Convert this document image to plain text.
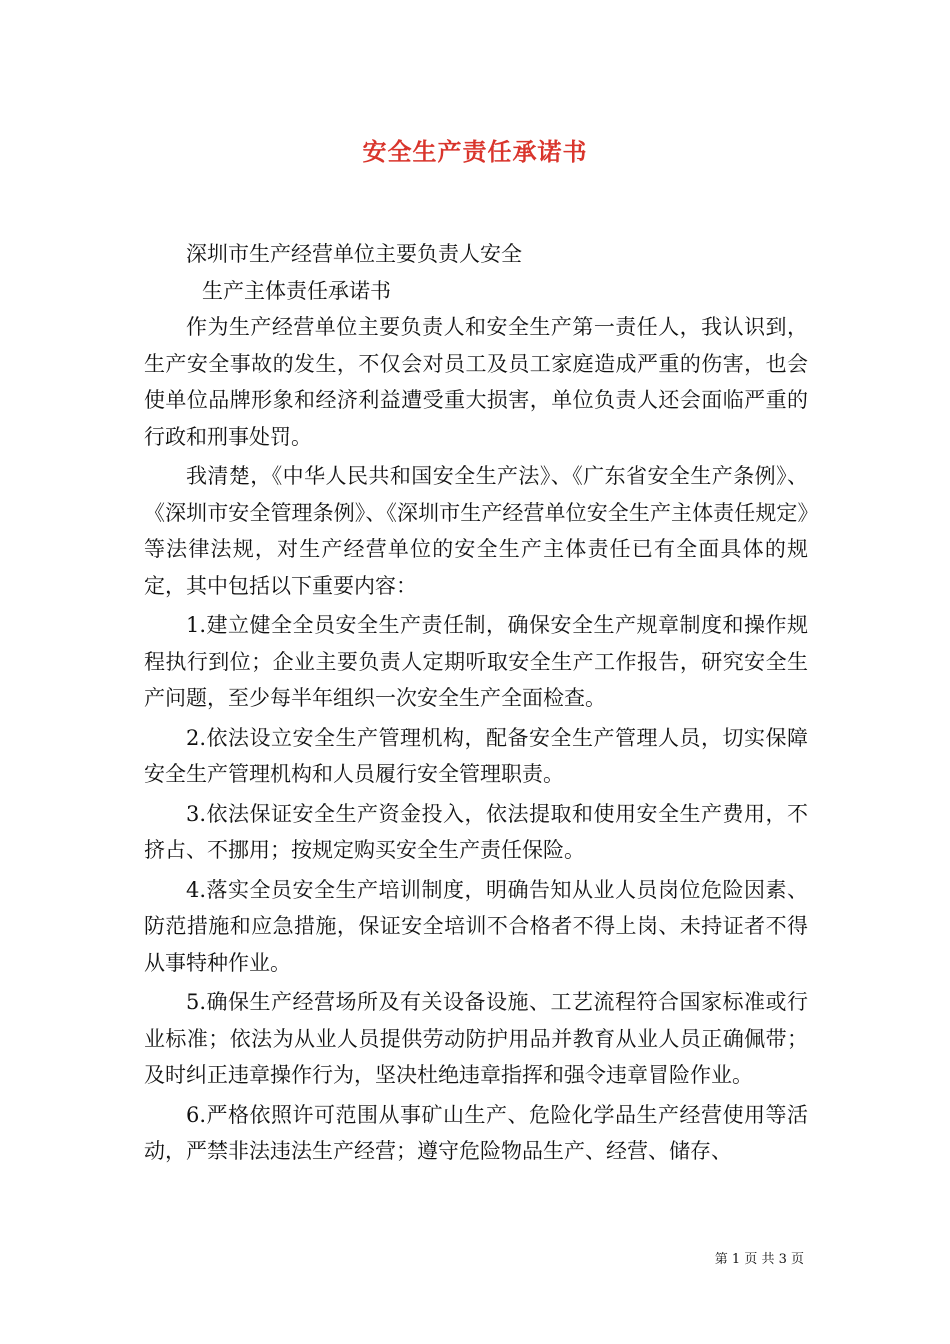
安全生产责任承诺书

深圳市生产经营单位主要负责人安全

生产主体责任承诺书

作为生产经营单位主要负责人和安全生产第一责任人，我认识到，生产安全事故的发生，不仅会对员工及员工家庭造成严重的伤害，也会使单位品牌形象和经济利益遭受重大损害，单位负责人还会面临严重的行政和刑事处罚。

我清楚，《中华人民共和国安全生产法》、《广东省安全生产条例》、《深圳市安全管理条例》、《深圳市生产经营单位安全生产主体责任规定》等法律法规，对生产经营单位的安全生产主体责任已有全面具体的规定，其中包括以下重要内容：

1.建立健全全员安全生产责任制，确保安全生产规章制度和操作规程执行到位；企业主要负责人定期听取安全生产工作报告，研究安全生产问题，至少每半年组织一次安全生产全面检查。

2.依法设立安全生产管理机构，配备安全生产管理人员，切实保障安全生产管理机构和人员履行安全管理职责。

3.依法保证安全生产资金投入，依法提取和使用安全生产费用，不挤占、不挪用；按规定购买安全生产责任保险。

4.落实全员安全生产培训制度，明确告知从业人员岗位危险因素、防范措施和应急措施，保证安全培训不合格者不得上岗、未持证者不得从事特种作业。

5.确保生产经营场所及有关设备设施、工艺流程符合国家标准或行业标准；依法为从业人员提供劳动防护用品并教育从业人员正确佩带；及时纠正违章操作行为，坚决杜绝违章指挥和强令违章冒险作业。

6.严格依照许可范围从事矿山生产、危险化学品生产经营使用等活动，严禁非法违法生产经营；遵守危险物品生产、经营、储存、

第 1 页 共 3 页
